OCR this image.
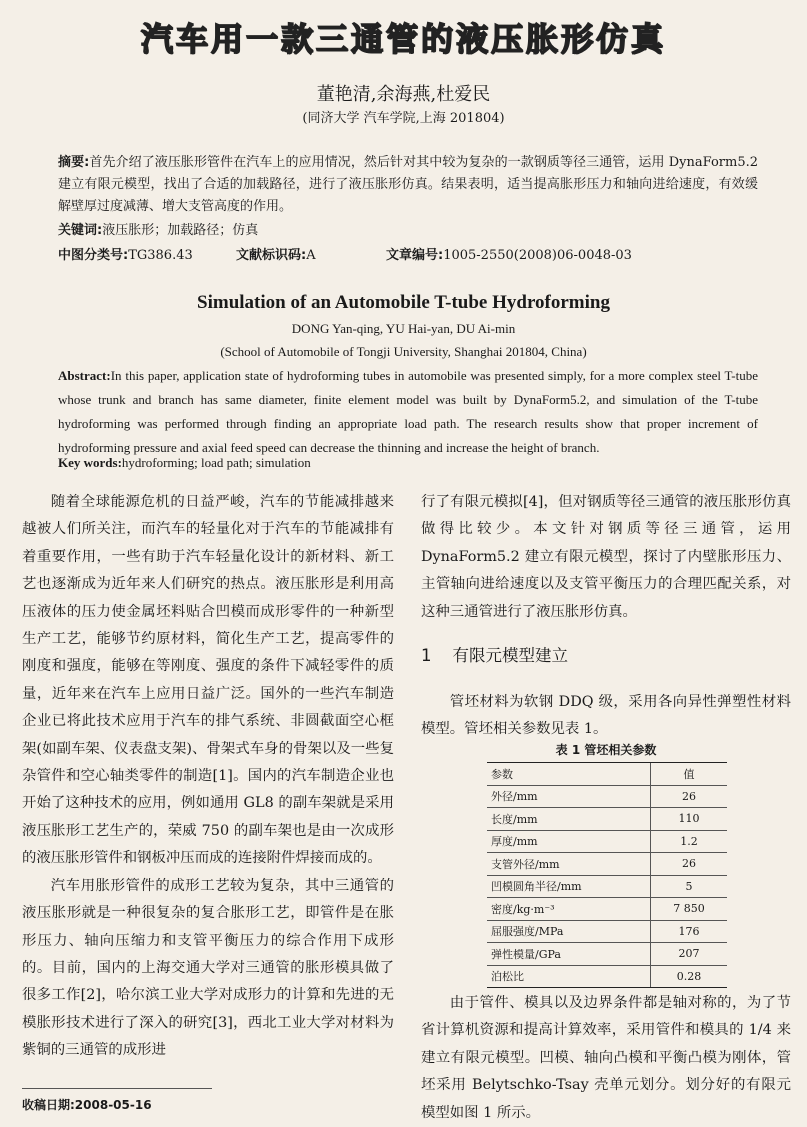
汽车用一款三通管的液压胀形仿真
董艳清,余海燕,杜爱民
(同济大学 汽车学院,上海 201804)
摘要:首先介绍了液压胀形管件在汽车上的应用情况，然后针对其中较为复杂的一款钢质等径三通管，运用 DynaForm5.2 建立有限元模型，找出了合适的加载路径，进行了液压胀形仿真。结果表明，适当提高胀形压力和轴向进给速度，有效缓解壁厚过度减薄、增大支管高度的作用。
关键词:液压胀形；加载路径；仿真
中图分类号:TG386.43	文献标识码:A	文章编号:1005-2550(2008)06-0048-03
Simulation of an Automobile T-tube Hydroforming
DONG Yan-qing, YU Hai-yan, DU Ai-min
(School of Automobile of Tongji University, Shanghai 201804, China)
Abstract:In this paper, application state of hydroforming tubes in automobile was presented simply, for a more complex steel T-tube whose trunk and branch has same diameter, finite element model was built by DynaForm5.2, and simulation of the T-tube hydroforming was performed through finding an appropriate load path. The research results show that proper increment of hydroforming pressure and axial feed speed can decrease the thinning and increase the height of branch.
Key words:hydroforming; load path; simulation

随着全球能源危机的日益严峻，汽车的节能减排越来越被人们所关注，而汽车的轻量化对于汽车的节能减排有着重要作用，一些有助于汽车轻量化设计的新材料、新工艺也逐渐成为近年来人们研究的热点。液压胀形是利用高压液体的压力使金属坯料贴合凹模而成形零件的一种新型生产工艺，能够节约原材料，简化生产工艺，提高零件的刚度和强度，能够在等刚度、强度的条件下减轻零件的质量，近年来在汽车上应用日益广泛。国外的一些汽车制造企业已将此技术应用于汽车的排气系统、非圆截面空心框架(如副车架、仪表盘支架)、骨架式车身的骨架以及一些复杂管件和空心轴类零件的制造[1]。国内的汽车制造企业也开始了这种技术的应用，例如通用 GL8 的副车架就是采用液压胀形工艺生产的，荣威 750 的副车架也是由一次成形的液压胀形管件和钢板冲压而成的连接附件焊接而成的。

汽车用胀形管件的成形工艺较为复杂，其中三通管的液压胀形就是一种很复杂的复合胀形工艺，即管件是在胀形压力、轴向压缩力和支管平衡压力的综合作用下成形的。目前，国内的上海交通大学对三通管的胀形模具做了很多工作[2]，哈尔滨工业大学对成形力的计算和先进的无模胀形技术进行了深入的研究[3]，西北工业大学对材料为紫铜的三通管的成形进

行了有限元模拟[4]，但对钢质等径三通管的液压胀形仿真做得比较少。本文针对钢质等径三通管，运用 DynaForm5.2 建立有限元模型，探讨了内壁胀形压力、主管轴向进给速度以及支管平衡压力的合理匹配关系，对这种三通管进行了液压胀形仿真。

1 有限元模型建立

管坯材料为软钢 DDQ 级，采用各向异性弹塑性材料模型。管坯相关参数见表 1。

表 1 管坯相关参数
参数	值
外径/mm	26
长度/mm	110
厚度/mm	1.2
支管外径/mm	26
凹模圆角半径/mm	5
密度/kg·m⁻³	7 850
屈服强度/MPa	176
弹性模量/GPa	207
泊松比	0.28

由于管件、模具以及边界条件都是轴对称的，为了节省计算机资源和提高计算效率，采用管件和模具的 1/4 来建立有限元模型。凹模、轴向凸模和平衡凸模为刚体，管坯采用 Belytschko-Tsay 壳单元划分。划分好的有限元模型如图 1 所示。

收稿日期:2008-05-16
